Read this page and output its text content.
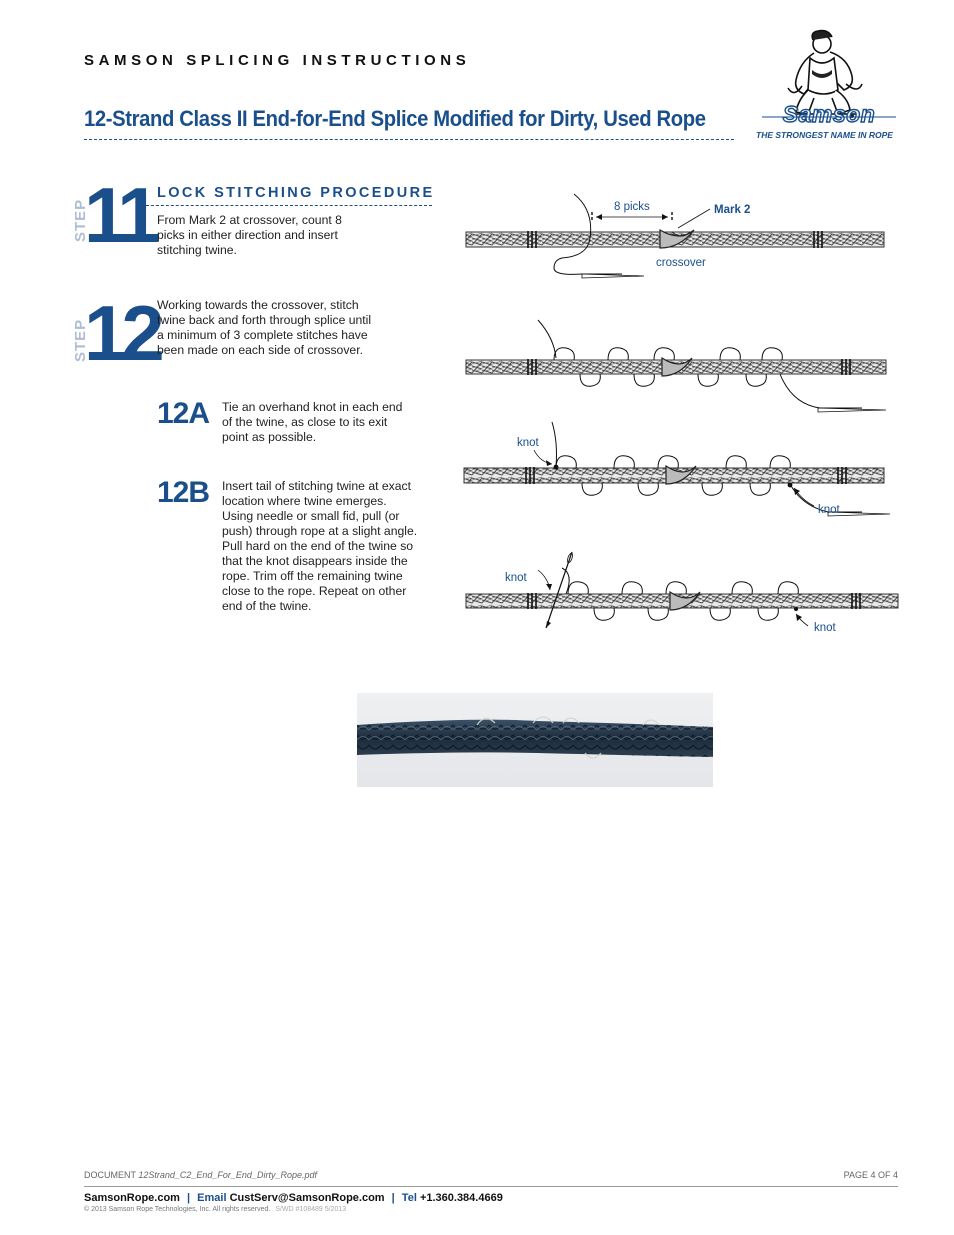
SAMSON SPLICING INSTRUCTIONS
12-Strand Class II End-for-End Splice Modified for Dirty, Used Rope	Samson
THE STRONGEST NAME IN ROPE
STEP
11 LOCK STITCHING PROCEDURE
From Mark 2 at crossover, count 8
picks in either direction and insert
stitching twine.
STEP
12
Working towards the crossover, stitch
twine back and forth through splice until
a minimum of 3 complete stitches have
been made on each side of crossover.
12A Tie an overhand knot in each end
of the twine, as close to its exit
point as possible.
12B Insert tail of stitching twine at exact
location where twine emerges.
Using needle or small fid, pull (or
push) through rope at a slight angle.
Pull hard on the end of the twine so
that the knot disappears inside the
rope. Trim off the remaining twine
close to the rope. Repeat on other
end of the twine.
8 picks	Mark 2
crossover
knot
knot
knot
knot
DOCUMENT 12Strand_C2_End_For_End_Dirty_Rope.pdf	PAGE 4 OF 4
SamsonRope.com | Email CustServ@SamsonRope.com | Tel +1.360.384.4669
© 2013 Samson Rope Technologies, Inc. All rights reserved. S/WD #108489 5/2013
